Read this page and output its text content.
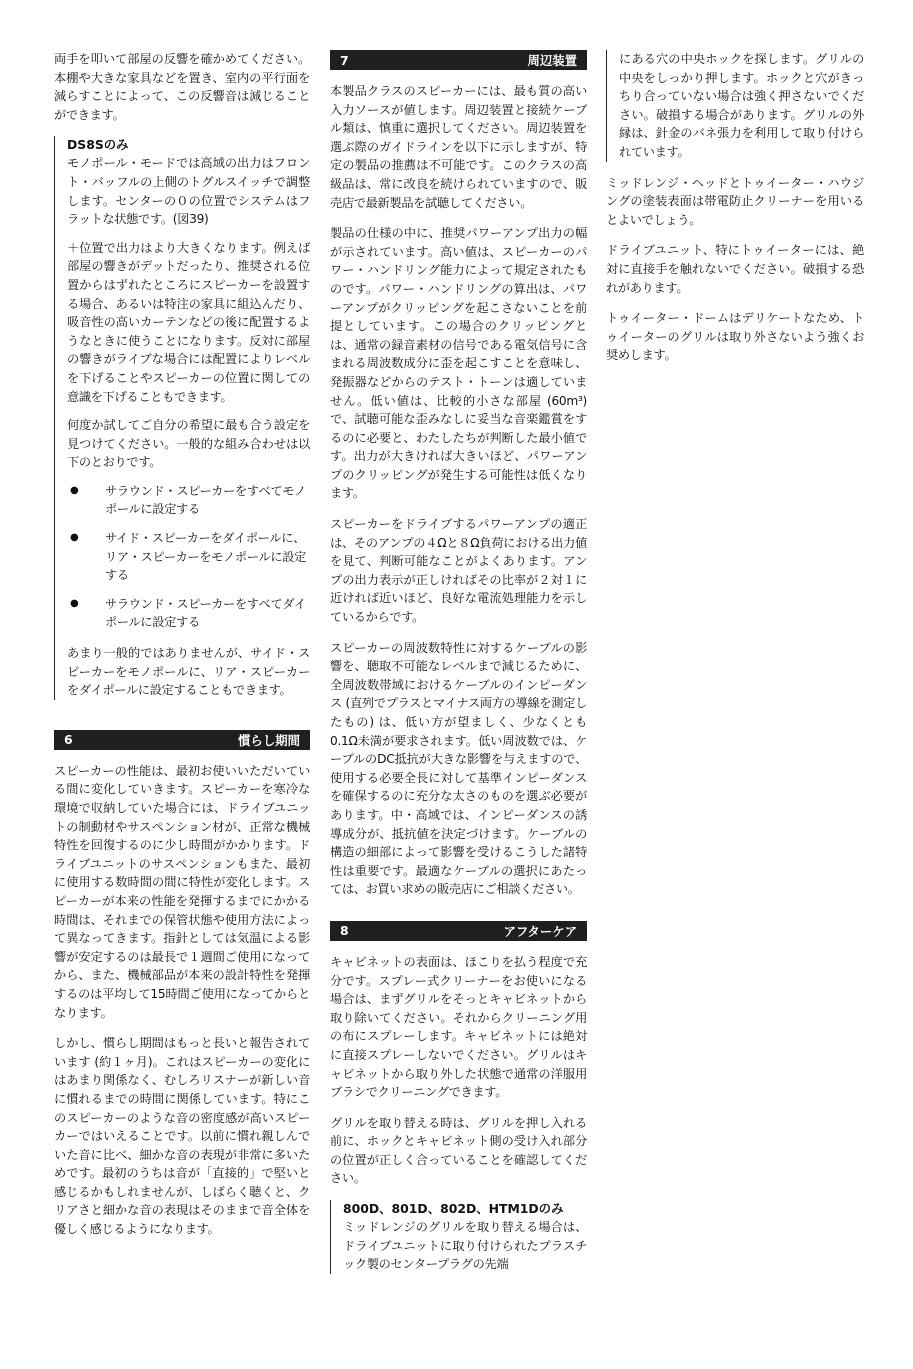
両手を叩いて部屋の反響を確かめてください。本棚や大きな家具などを置き、室内の平行面を減らすことによって、この反響音は減じることができます。

DS8Sのみ

モノポール・モードでは高域の出力はフロント・バッフルの上側のトグルスイッチで調整します。センターの０の位置でシステムはフラットな状態です。(図39)

＋位置で出力はより大きくなります。例えば部屋の響きがデットだったり、推奨される位置からはずれたところにスピーカーを設置する場合、あるいは特注の家具に組込んだり、吸音性の高いカーテンなどの後に配置するようなときに使うことになります。反対に部屋の響きがライブな場合には配置によりレベルを下げることやスピーカーの位置に関しての意識を下げることもできます。

何度か試してご自分の希望に最も合う設定を見つけてください。一般的な組み合わせは以下のとおりです。

● サラウンド・スピーカーをすべてモノポールに設定する
● サイド・スピーカーをダイポールに、リア・スピーカーをモノポールに設定する
● サラウンド・スピーカーをすべてダイポールに設定する

あまり一般的ではありませんが、サイド・スピーカーをモノポールに、リア・スピーカーをダイポールに設定することもできます。

6	慣らし期間

スピーカーの性能は、最初お使いいただいている間に変化していきます。スピーカーを寒冷な環境で収納していた場合には、ドライブユニットの制動材やサスペンション材が、正常な機械特性を回復するのに少し時間がかかります。ドライブユニットのサスペンションもまた、最初に使用する数時間の間に特性が変化します。スピーカーが本来の性能を発揮するまでにかかる時間は、それまでの保管状態や使用方法によって異なってきます。指針としては気温による影響が安定するのは最長で１週間ご使用になってから、また、機械部品が本来の設計特性を発揮するのは平均して15時間ご使用になってからとなります。

しかし、慣らし期間はもっと長いと報告されています (約１ヶ月)。これはスピーカーの変化にはあまり関係なく、むしろリスナーが新しい音に慣れるまでの時間に関係しています。特にこのスピーカーのような音の密度感が高いスピーカーではいえることです。以前に慣れ親しんでいた音に比べ、細かな音の表現が非常に多いためです。最初のうちは音が「直接的」で堅いと感じるかもしれませんが、しばらく聴くと、クリアさと細かな音の表現はそのままで音全体を優しく感じるようになります。

7	周辺装置

本製品クラスのスピーカーには、最も質の高い入力ソースが値します。周辺装置と接続ケーブル類は、慎重に選択してください。周辺装置を選ぶ際のガイドラインを以下に示しますが、特定の製品の推薦は不可能です。このクラスの高級品は、常に改良を続けられていますので、販売店で最新製品を試聴してください。

製品の仕様の中に、推奨パワーアンプ出力の幅が示されています。高い値は、スピーカーのパワー・ハンドリング能力によって規定されたものです。パワー・ハンドリングの算出は、パワーアンプがクリッピングを起こさないことを前提としています。この場合のクリッピングとは、通常の録音素材の信号である電気信号に含まれる周波数成分に歪を起こすことを意味し、発振器などからのテスト・トーンは適していません。低い値は、比較的小さな部屋 (60m³) で、試聴可能な歪みなしに妥当な音楽鑑賞をするのに必要と、わたしたちが判断した最小値です。出力が大きければ大きいほど、パワーアンプのクリッピングが発生する可能性は低くなります。

スピーカーをドライブするパワーアンプの適正は、そのアンプの４Ωと８Ω負荷における出力値を見て、判断可能なことがよくあります。アンプの出力表示が正しければその比率が２対１に近ければ近いほど、良好な電流処理能力を示しているからです。

スピーカーの周波数特性に対するケーブルの影響を、聴取不可能なレベルまで減じるために、全周波数帯域におけるケーブルのインピーダンス (直列でプラスとマイナス両方の導線を測定したもの) は、低い方が望ましく、少なくとも0.1Ω未満が要求されます。低い周波数では、ケーブルのDC抵抗が大きな影響を与えますので、使用する必要全長に対して基準インピーダンスを確保するのに充分な太さのものを選ぶ必要があります。中・高域では、インピーダンスの誘導成分が、抵抗値を決定づけます。ケーブルの構造の細部によって影響を受けるこうした諸特性は重要です。最適なケーブルの選択にあたっては、お買い求めの販売店にご相談ください。

8	アフターケア

キャビネットの表面は、ほこりを払う程度で充分です。スプレー式クリーナーをお使いになる場合は、まずグリルをそっとキャビネットから取り除いてください。それからクリーニング用の布にスプレーします。キャビネットには絶対に直接スプレーしないでください。グリルはキャビネットから取り外した状態で通常の洋服用ブラシでクリーニングできます。

グリルを取り替える時は、グリルを押し入れる前に、ホックとキャビネット側の受け入れ部分の位置が正しく合っていることを確認してください。

800D、801D、802D、HTM1Dのみ

ミッドレンジのグリルを取り替える場合は、ドライブユニットに取り付けられたプラスチック製のセンタープラグの先端

にある穴の中央ホックを探します。グリルの中央をしっかり押します。ホックと穴がきっちり合っていない場合は強く押さないでください。破損する場合があります。グリルの外縁は、針金のバネ張力を利用して取り付けられています。

ミッドレンジ・ヘッドとトゥイーター・ハウジングの塗装表面は帯電防止クリーナーを用いるとよいでしょう。

ドライブユニット、特にトゥイーターには、絶対に直接手を触れないでください。破損する恐れがあります。

トゥイーター・ドームはデリケートなため、トゥイーターのグリルは取り外さないよう強くお奨めします。
